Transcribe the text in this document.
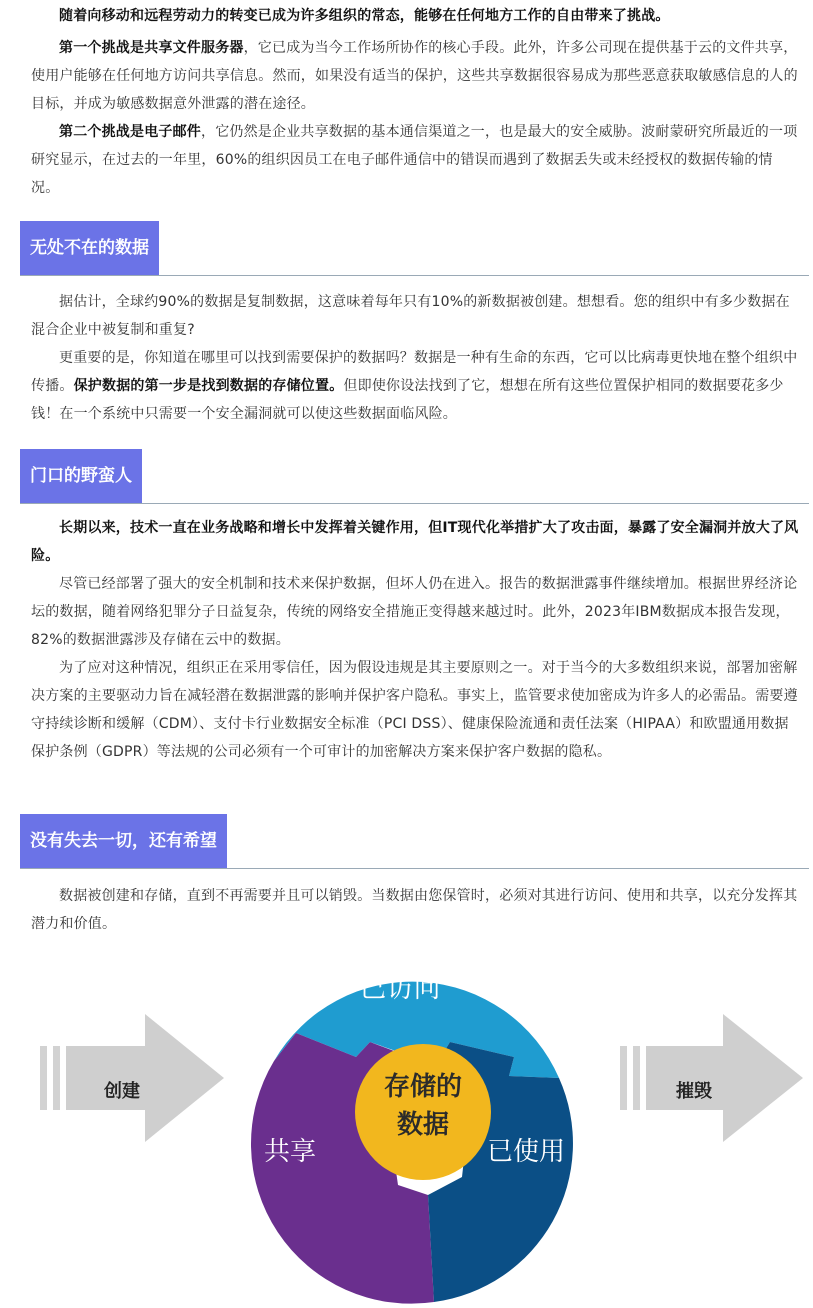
随着向移动和远程劳动力的转变已成为许多组织的常态，能够在任何地方工作的自由带来了挑战。

第一个挑战是共享文件服务器，它已成为当今工作场所协作的核心手段。此外，许多公司现在提供基于云的文件共享，使用户能够在任何地方访问共享信息。然而，如果没有适当的保护，这些共享数据很容易成为那些恶意获取敏感信息的人的目标，并成为敏感数据意外泄露的潜在途径。

第二个挑战是电子邮件，它仍然是企业共享数据的基本通信渠道之一，也是最大的安全威胁。波耐蒙研究所最近的一项研究显示，在过去的一年里，60%的组织因员工在电子邮件通信中的错误而遇到了数据丢失或未经授权的数据传输的情况。

无处不在的数据

据估计，全球约90%的数据是复制数据，这意味着每年只有10%的新数据被创建。想想看。您的组织中有多少数据在混合企业中被复制和重复?

更重要的是，你知道在哪里可以找到需要保护的数据吗？数据是一种有生命的东西，它可以比病毒更快地在整个组织中传播。保护数据的第一步是找到数据的存储位置。但即使你设法找到了它，想想在所有这些位置保护相同的数据要花多少钱！在一个系统中只需要一个安全漏洞就可以使这些数据面临风险。

门口的野蛮人

长期以来，技术一直在业务战略和增长中发挥着关键作用，但IT现代化举措扩大了攻击面，暴露了安全漏洞并放大了风险。

尽管已经部署了强大的安全机制和技术来保护数据，但坏人仍在进入。报告的数据泄露事件继续增加。根据世界经济论坛的数据，随着网络犯罪分子日益复杂，传统的网络安全措施正变得越来越过时。此外，2023年IBM数据成本报告发现，82%的数据泄露涉及存储在云中的数据。

为了应对这种情况，组织正在采用零信任，因为假设违规是其主要原则之一。对于当今的大多数组织来说，部署加密解决方案的主要驱动力旨在减轻潜在数据泄露的影响并保护客户隐私。事实上，监管要求使加密成为许多人的必需品。需要遵守持续诊断和缓解（CDM）、支付卡行业数据安全标准（PCI DSS）、健康保险流通和责任法案（HIPAA）和欧盟通用数据保护条例（GDPR）等法规的公司必须有一个可审计的加密解决方案来保护客户数据的隐私。

没有失去一切，还有希望

数据被创建和存储，直到不再需要并且可以销毁。当数据由您保管时，必须对其进行访问、使用和共享，以充分发挥其潜力和价值。

创建	摧毁
已访问
共享	已使用
存储的
数据
